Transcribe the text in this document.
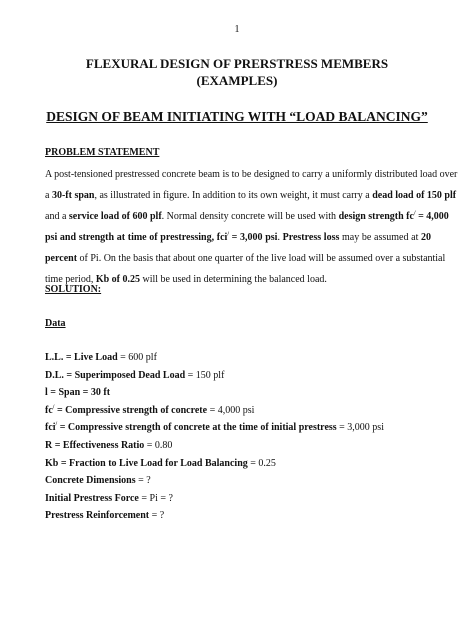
1
FLEXURAL DESIGN OF PRERSTRESS MEMBERS
(EXAMPLES)
DESIGN OF BEAM INITIATING WITH “LOAD BALANCING”
PROBLEM STATEMENT
A post-tensioned prestressed concrete beam is to be designed to carry a uniformly distributed load over
a 30-ft span, as illustrated in figure. In addition to its own weight, it must carry a dead load of 150 plf
and a service load of 600 plf. Normal density concrete will be used with design strength fc/ = 4,000
psi and strength at time of prestressing, fci/ = 3,000 psi. Prestress loss may be assumed at 20
percent of Pi. On the basis that about one quarter of the live load will be assumed over a substantial
time period, Kb of 0.25 will be used in determining the balanced load.
SOLUTION:
Data
L.L. = Live Load = 600 plf
D.L. = Superimposed Dead Load = 150 plf
l = Span = 30 ft
fc/ = Compressive strength of concrete = 4,000 psi
fci/ = Compressive strength of concrete at the time of initial prestress = 3,000 psi
R = Effectiveness Ratio = 0.80
Kb = Fraction to Live Load for Load Balancing = 0.25
Concrete Dimensions = ?
Initial Prestress Force = Pi = ?
Prestress Reinforcement = ?
